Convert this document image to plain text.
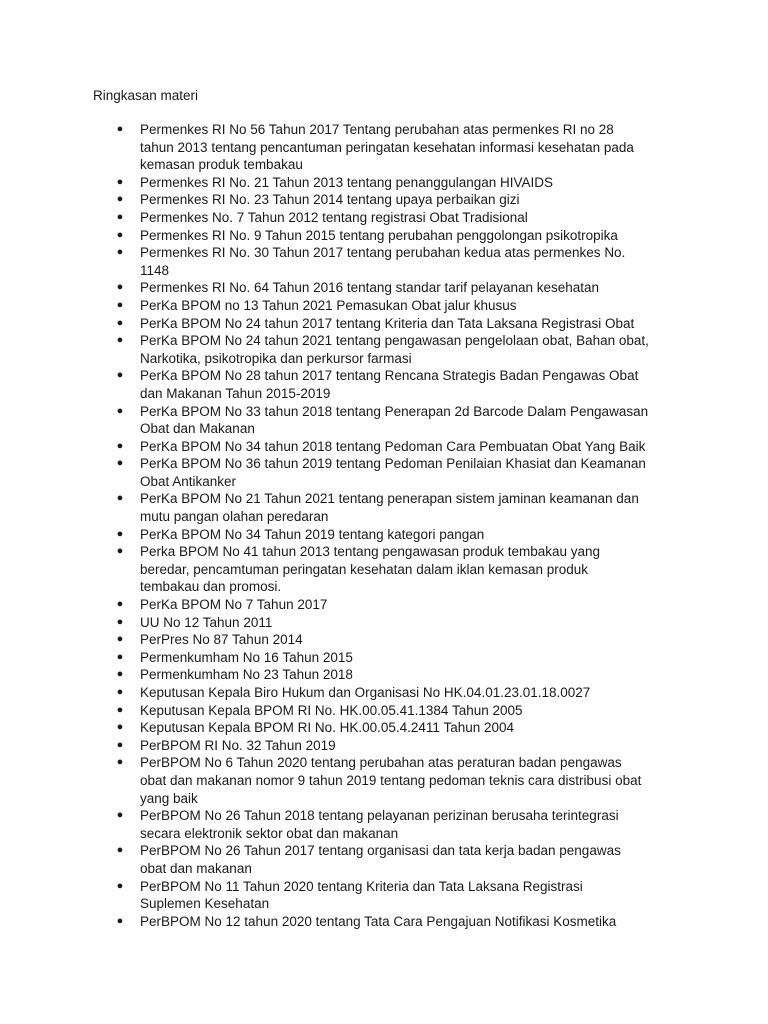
Ringkasan materi
● Permenkes RI No 56 Tahun 2017 Tentang perubahan atas permenkes RI no 28
tahun 2013 tentang pencantuman peringatan kesehatan informasi kesehatan pada
kemasan produk tembakau
● Permenkes RI No. 21 Tahun 2013 tentang penanggulangan HIVAIDS
● Permenkes RI No. 23 Tahun 2014 tentang upaya perbaikan gizi
● Permenkes No. 7 Tahun 2012 tentang registrasi Obat Tradisional
● Permenkes RI No. 9 Tahun 2015 tentang perubahan penggolongan psikotropika
● Permenkes RI No. 30 Tahun 2017 tentang perubahan kedua atas permenkes No.
1148
● Permenkes RI No. 64 Tahun 2016 tentang standar tarif pelayanan kesehatan
● PerKa BPOM no 13 Tahun 2021 Pemasukan Obat jalur khusus
● PerKa BPOM No 24 tahun 2017 tentang Kriteria dan Tata Laksana Registrasi Obat
● PerKa BPOM No 24 tahun 2021 tentang pengawasan pengelolaan obat, Bahan obat,
Narkotika, psikotropika dan perkursor farmasi
● PerKa BPOM No 28 tahun 2017 tentang Rencana Strategis Badan Pengawas Obat
dan Makanan Tahun 2015-2019
● PerKa BPOM No 33 tahun 2018 tentang Penerapan 2d Barcode Dalam Pengawasan
Obat dan Makanan
● PerKa BPOM No 34 tahun 2018 tentang Pedoman Cara Pembuatan Obat Yang Baik
● PerKa BPOM No 36 tahun 2019 tentang Pedoman Penilaian Khasiat dan Keamanan
Obat Antikanker
● PerKa BPOM No 21 Tahun 2021 tentang penerapan sistem jaminan keamanan dan
mutu pangan olahan peredaran
● PerKa BPOM No 34 Tahun 2019 tentang kategori pangan
● Perka BPOM No 41 tahun 2013 tentang pengawasan produk tembakau yang
beredar, pencamtuman peringatan kesehatan dalam iklan kemasan produk
tembakau dan promosi.
● PerKa BPOM No 7 Tahun 2017
● UU No 12 Tahun 2011
● PerPres No 87 Tahun 2014
● Permenkumham No 16 Tahun 2015
● Permenkumham No 23 Tahun 2018
● Keputusan Kepala Biro Hukum dan Organisasi No HK.04.01.23.01.18.0027
● Keputusan Kepala BPOM RI No. HK.00.05.41.1384 Tahun 2005
● Keputusan Kepala BPOM RI No. HK.00.05.4.2411 Tahun 2004
● PerBPOM RI No. 32 Tahun 2019
● PerBPOM No 6 Tahun 2020 tentang perubahan atas peraturan badan pengawas
obat dan makanan nomor 9 tahun 2019 tentang pedoman teknis cara distribusi obat
yang baik
● PerBPOM No 26 Tahun 2018 tentang pelayanan perizinan berusaha terintegrasi
secara elektronik sektor obat dan makanan
● PerBPOM No 26 Tahun 2017 tentang organisasi dan tata kerja badan pengawas
obat dan makanan
● PerBPOM No 11 Tahun 2020 tentang Kriteria dan Tata Laksana Registrasi
Suplemen Kesehatan
● PerBPOM No 12 tahun 2020 tentang Tata Cara Pengajuan Notifikasi Kosmetika
